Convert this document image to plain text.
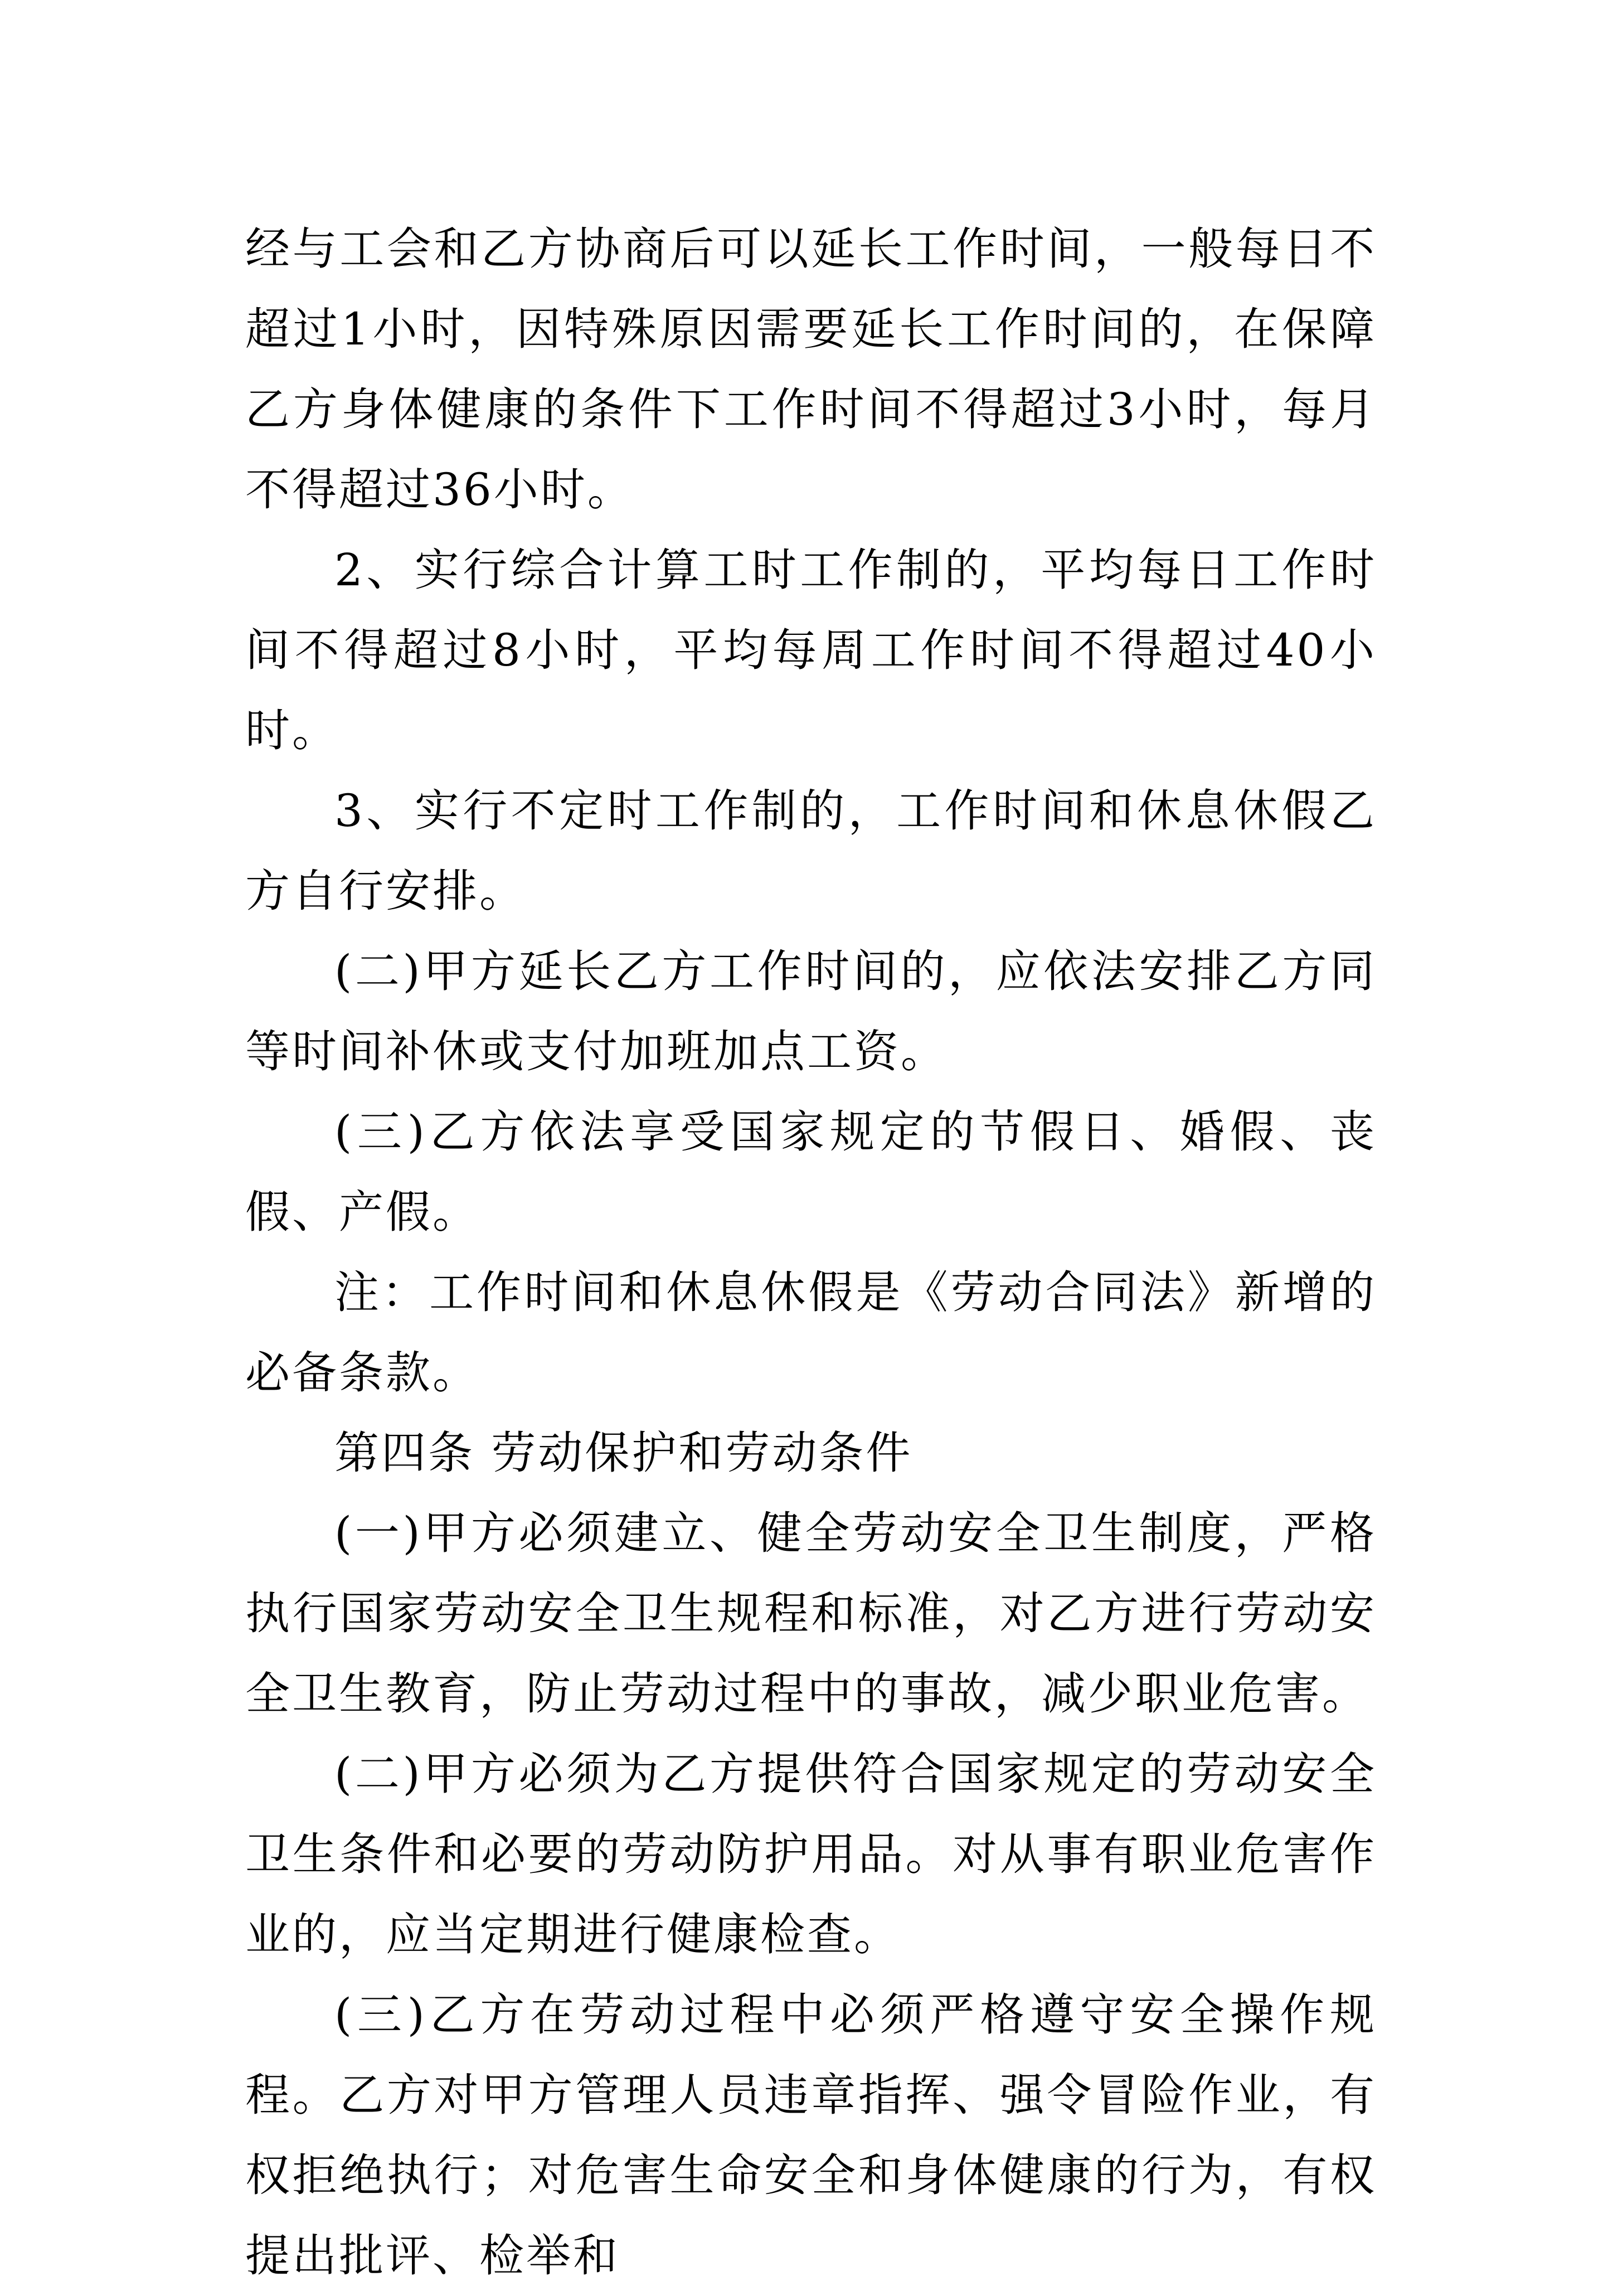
经与工会和乙方协商后可以延长工作时间，一般每日不超过1小时，因特殊原因需要延长工作时间的，在保障乙方身体健康的条件下工作时间不得超过3小时，每月不得超过36小时。

2、实行综合计算工时工作制的，平均每日工作时间不得超过8小时，平均每周工作时间不得超过40小时。

3、实行不定时工作制的，工作时间和休息休假乙方自行安排。

(二)甲方延长乙方工作时间的，应依法安排乙方同等时间补休或支付加班加点工资。

(三)乙方依法享受国家规定的节假日、婚假、丧假、产假。

注：工作时间和休息休假是《劳动合同法》新增的必备条款。

第四条 劳动保护和劳动条件

(一)甲方必须建立、健全劳动安全卫生制度，严格执行国家劳动安全卫生规程和标准，对乙方进行劳动安全卫生教育，防止劳动过程中的事故，减少职业危害。

(二)甲方必须为乙方提供符合国家规定的劳动安全卫生条件和必要的劳动防护用品。对从事有职业危害作业的，应当定期进行健康检查。

(三)乙方在劳动过程中必须严格遵守安全操作规程。乙方对甲方管理人员违章指挥、强令冒险作业，有权拒绝执行；对危害生命安全和身体健康的行为，有权提出批评、检举和
